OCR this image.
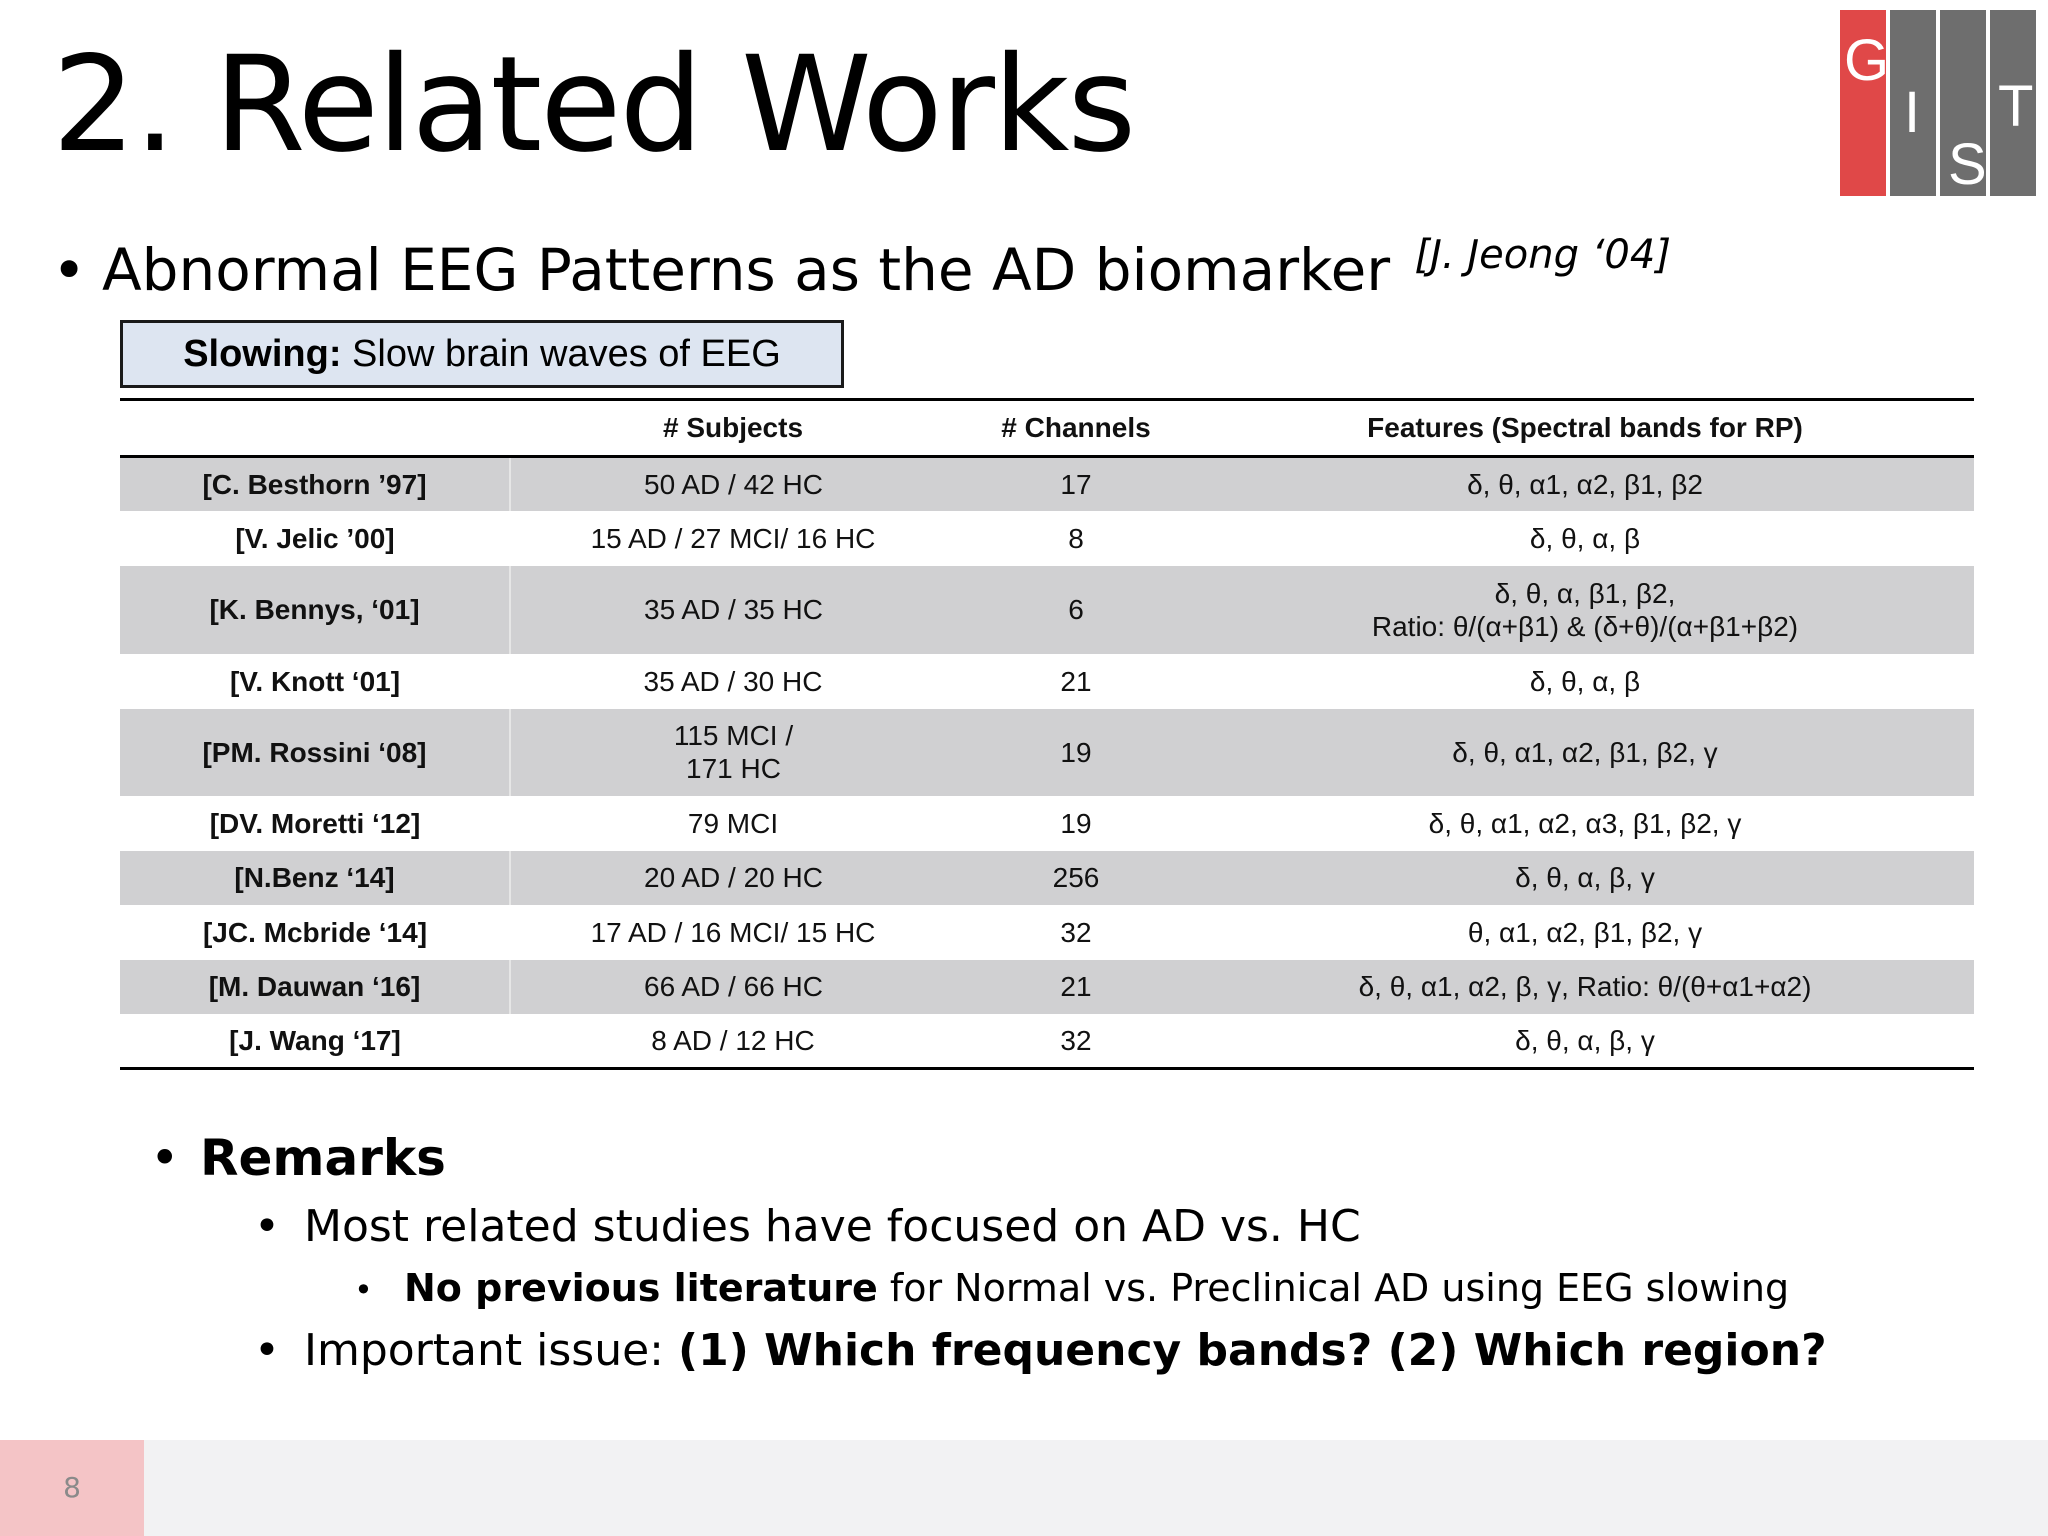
2. Related Works	G
I
S
T
• Abnormal EEG Patterns as the AD biomarker [J. Jeong ‘04]
Slowing: Slow brain waves of EEG
	# Subjects	# Channels	Features (Spectral bands for RP)
[C. Besthorn ’97]	50 AD / 42 HC	17	δ, θ, α1, α2, β1, β2
[V. Jelic ’00]	15 AD / 27 MCI/ 16 HC	8	δ, θ, α, β
[K. Bennys, ‘01]	35 AD / 35 HC	6	δ, θ, α, β1, β2,
Ratio: θ/(α+β1) & (δ+θ)/(α+β1+β2)

[V. Knott ‘01]	35 AD / 30 HC	21	δ, θ, α, β
[PM. Rossini ‘08]	115 MCI /
171 HC	19	δ, θ, α1, α2, β1, β2, γ
[DV. Moretti ‘12]	79 MCI	19	δ, θ, α1, α2, α3, β1, β2, γ
[N.Benz ‘14]	20 AD / 20 HC	256	δ, θ, α, β, γ
[JC. Mcbride ‘14]	17 AD / 16 MCI/ 15 HC	32	θ, α1, α2, β1, β2, γ
[M. Dauwan ‘16]	66 AD / 66 HC	21	δ, θ, α1, α2, β, γ, Ratio: θ/(θ+α1+α2)
[J. Wang ‘17]	8 AD / 12 HC	32	δ, θ, α, β, γ
• Remarks
• Most related studies have focused on AD vs. HC
• No previous literature for Normal vs. Preclinical AD using EEG slowing
• Important issue: (1) Which frequency bands? (2) Which region?
8
